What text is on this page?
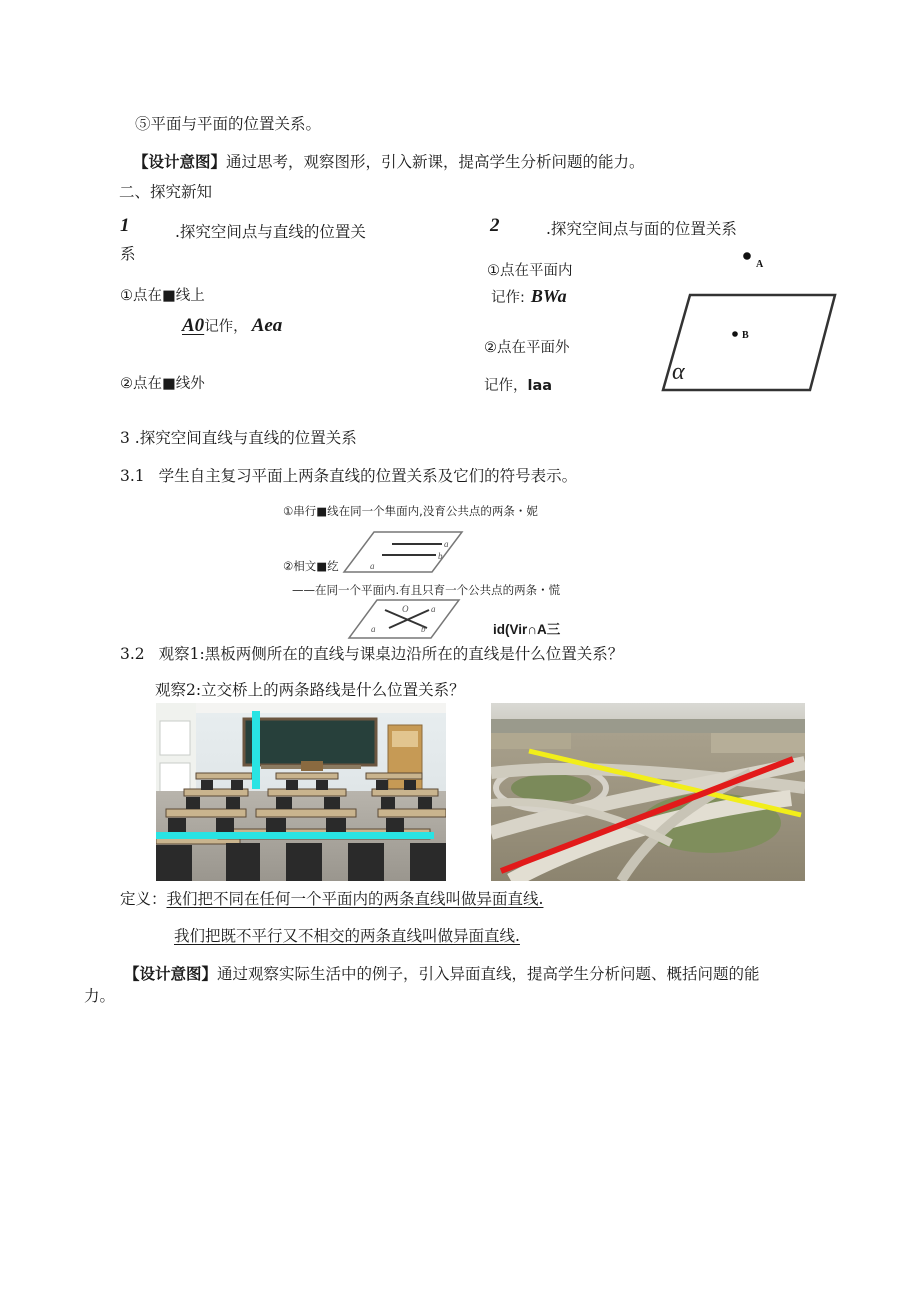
⑤平面与平面的位置关系。
【设计意图】通过思考，观察图形，引入新课，提高学生分析问题的能力。
二、探究新知
1	.探究空间点与直线的位置关
系
①点在■线上
A0记作， Aea
②点在■线外
2	.探究空间点与面的位置关系
①点在平面内
记作: BWa
②点在平面外
记作，laa
A
B
α
3 .探究空间直线与直线的位置关系
3.1 学生自主复习平面上两条直线的位置关系及它们的符号表示。
①串行■线在同一个隼面内,没育公共点的两条・妮
②相文■纥
——在同一个平面内.有且只育一个公共点的两条・慌
id(Vir∩A三
a
b
a
O	a
b
a
3.2 观察1:黑板两侧所在的直线与课桌边沿所在的直线是什么位置关系？
观察2:立交桥上的两条路线是什么位置关系？
定义：我们把不同在任何一个平面内的两条直线叫做异面直线.
我们把既不平行又不相交的两条直线叫做异面直线.
【设计意图】通过观察实际生活中的例子，引入异面直线，提高学生分析问题、概括问题的能
力。
